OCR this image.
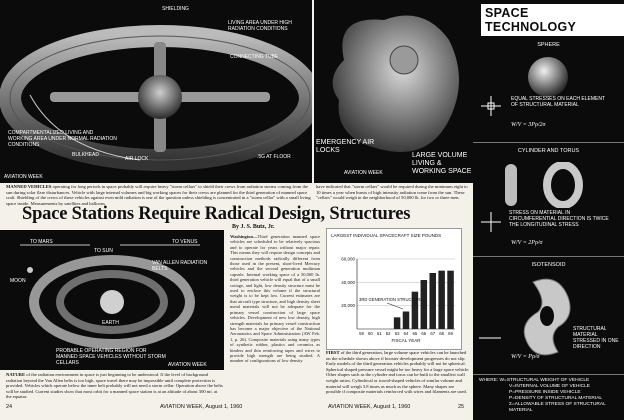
SHIELDING
LIVING AREA UNDER HIGH RADIATION CONDITIONS
CONNECTING TUBE
COMPARTMENTALIZED LIVING AND WORKING AREA UNDER NORMAL RADIATION CONDITIONS
BULKHEAD
AIR LOCK	.5G AT FLOOR
AVIATION WEEK
EMERGENCY AIR LOCKS
LARGE VOLUME LIVING & WORKING SPACE
AVIATION WEEK
MANNED VEHICLES operating for long periods in space probably will require heavy "storm cellars" to shield their crews from radiation storms coming from the sun during solar flare disturbances. Vehicle with large internal volumes and big working spaces for their crews are planned for the third generation of manned space craft. Shielding of the crews of these vehicles against even mild radiation is one of the question unless shielding is concentrated in a "storm cellar" with a small living space inside. Measurements by satellites and balloons
have indicated that "storm cellars" would be required during the minimum eight to 10 times a year when bursts of high intensity radiation come from the sun. These "cellars" would weigh in the neighborhood of 50,000 lb. for two or three men.
Space Stations Require Radical Design, Structures
By J. S. Butz, Jr.
Washington—Third generation manned space vehicles are scheduled to be relatively spacious and to operate for years without major repair. This means they will require design concepts and construction methods radically different from those used in the present, short-lived Mercury vehicles and the second generation multiman capsule. Internal working space of a 50,000 lb. third generation vehicle will equal that of a small cottage, and light, low density structure must be used to enclose this volume if the structural weight is to be kept low. Current estimates are that aircraft type structure, and high density sheet metal materials will not be adequate for the primary vessel construction of large space vehicles. Development of new low density, high strength materials for primary vessel construction has become a major objective of the National Aeronautics and Space Administration (AW Feb. 1, p. 26). Composite materials using many types of synthetic rubber, plastics and ceramics as binders and thin reinforcing tapes and wires to provide high strength are being studied. A number of configurations of low density
TO MARS
TO SUN
TO VENUS
VAN ALLEN RADIATION BELTS
MOON
EARTH
PROBABLE OPERATING REGION FOR MANNED SPACE VEHICLES WITHOUT STORM CELLARS	AVIATION WEEK
NATURE of the radiation environment in space is just beginning to be understood. If the level of background radiation beyond the Van Allen belts is too high, space travel there may be impossible until complete protection is provided. Vehicles which operate below the inner belt probably will not need a storm cellar. Operation above the belts will be studied. Current studies show that most orbit for a manned space station is at an altitude of about 300 mi. at the equator.
LARGEST INDIVIDUAL SPACECRAFT SIZE POUNDS
20,000
40,000
60,000
59 60 61 62 63 64 65 66 67 68 69
FISCAL YEAR
3RD GENERATION STRUCTURE
FIRST of the third generation, large volume space vehicles can be launched on the schedule shown above if booster development progresses do not slip. Early models of the third generation vehicles probably will not be spherical. Spherical shaped pressure vessel might be too heavy for a large space vehicle. Other shapes such as the cylinder and torus can be built to the smallest wall weight ratios. Cylindrical or toroid-shaped vehicles of similar volume and material will weigh 3.8 times as much as the sphere. Many shapes are possible if composite materials reinforced with wires and filaments are used.
24	AVIATION WEEK, August 1, 1960	AVIATION WEEK, August 1, 1960	25
SPACE TECHNOLOGY
SPHERE
EQUAL STRESSES ON EACH ELEMENT OF STRUCTURAL MATERIAL
W/V = 3Pρ/2σ
CYLINDER AND TORUS
STRESS ON MATERIAL IN CIRCUMFERENTIAL DIRECTION IS TWICE THE LONGITUDINAL STRESS
W/V = 2Pρ/σ
ISOTENSOID
STRUCTURAL MATERIAL STRESSED IN ONE DIRECTION
W/V = Pρ/σ
WHERE: W=STRUCTURAL WEIGHT OF VEHICLE
V=INTERNAL VOLUME OF VEHICLE
P=PRESSURE INSIDE VEHICLE
Ρ=DENSITY OF STRUCTURAL MATERIAL
Σ=ALLOWABLE STRESS OF STRUCTURAL MATERIAL
